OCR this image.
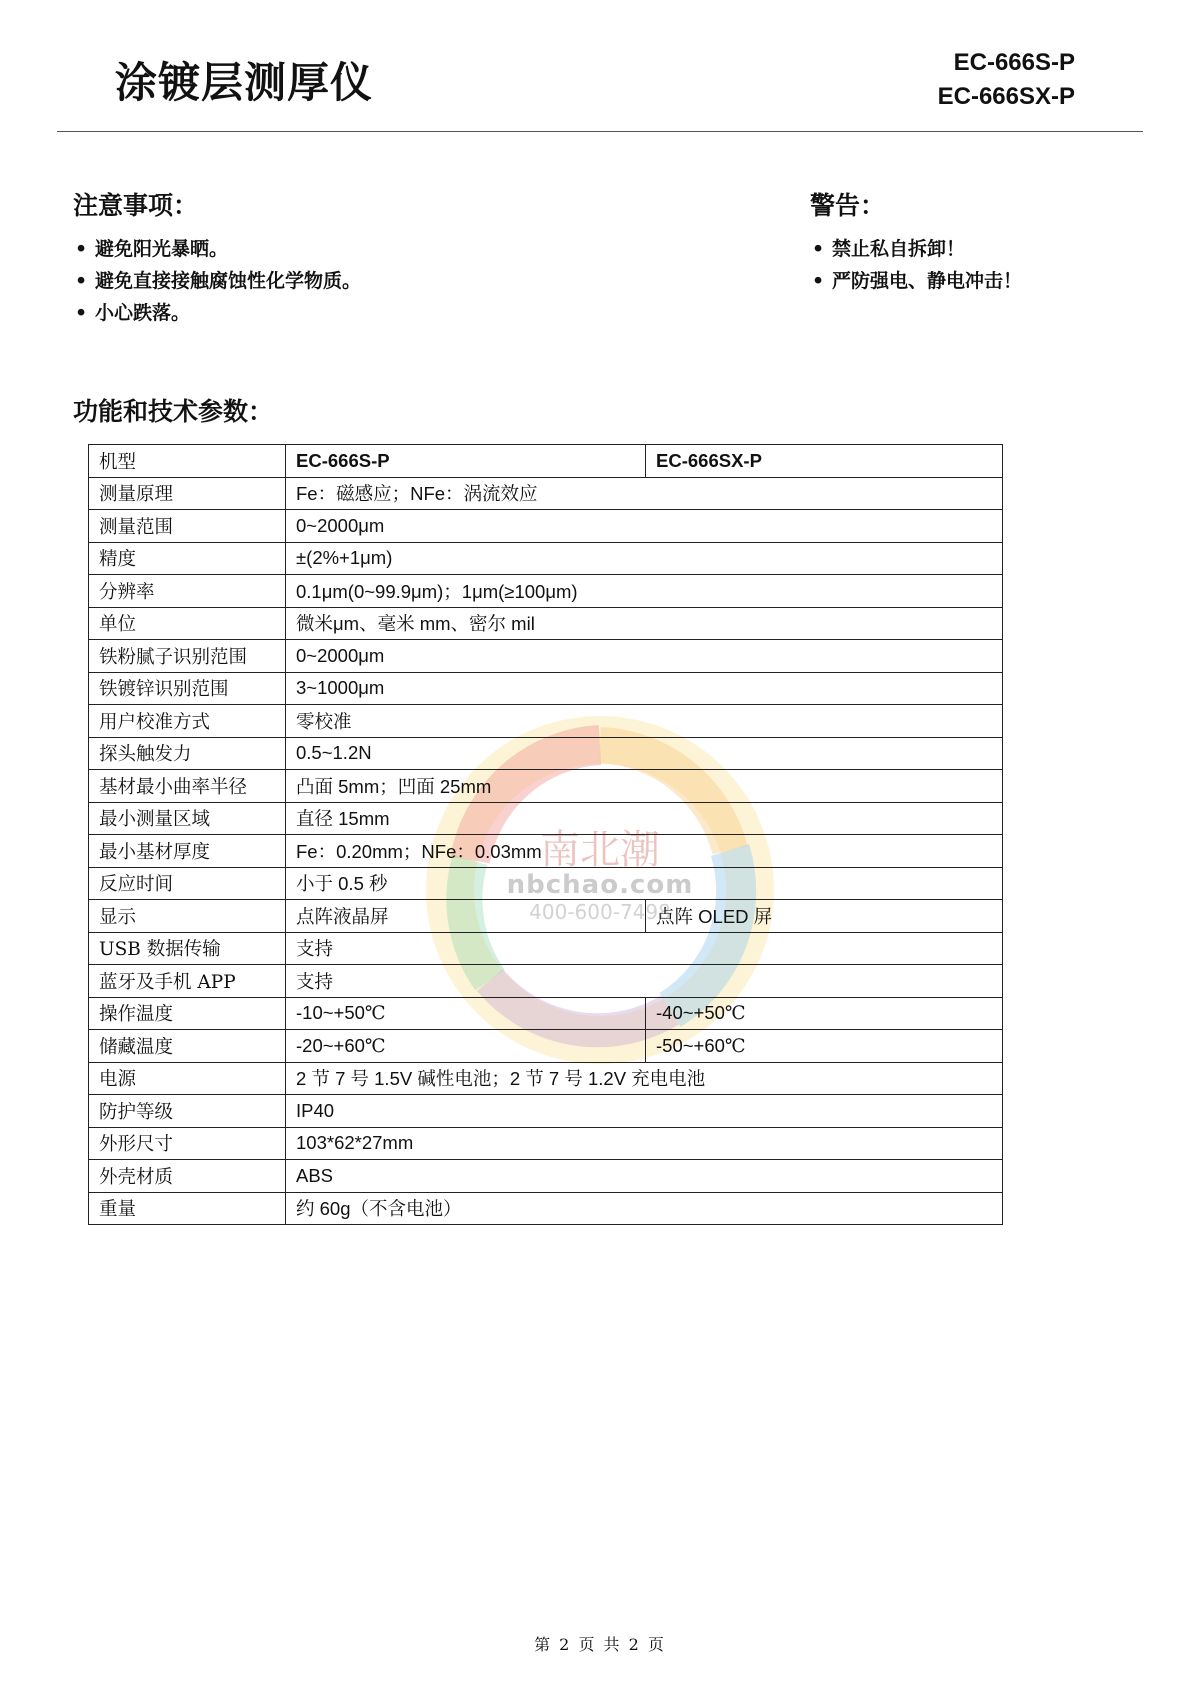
涂镀层测厚仪	EC-666S-P
EC-666SX-P
注意事项：
• 避免阳光暴晒。
• 避免直接接触腐蚀性化学物质。
• 小心跌落。
警告：
• 禁止私自拆卸！
• 严防强电、静电冲击！
功能和技术参数：
南北潮
nbchao.com
400-600-7498
机型	EC-666S-P	EC-666SX-P
测量原理	Fe：磁感应；NFe：涡流效应	
测量范围	0~2000μm	
精度	±(2%+1μm)	
分辨率	0.1μm(0~99.9μm)；1μm(≥100μm)	
单位	微米μm、毫米 mm、密尔 mil	
铁粉腻子识别范围	0~2000μm	
铁镀锌识别范围	3~1000μm	
用户校准方式	零校准	
探头触发力	0.5~1.2N	
基材最小曲率半径	凸面 5mm；凹面 25mm	
最小测量区域	直径 15mm	
最小基材厚度	Fe：0.20mm；NFe：0.03mm	
反应时间	小于 0.5 秒	
显示	点阵液晶屏	点阵 OLED 屏
USB 数据传输	支持	
蓝牙及手机 APP	支持	
操作温度	-10~+50℃	-40~+50℃
储藏温度	-20~+60℃	-50~+60℃
电源	2 节 7 号 1.5V 碱性电池；2 节 7 号 1.2V 充电电池	
防护等级	IP40	
外形尺寸	103*62*27mm	
外壳材质	ABS	
重量	约 60g（不含电池）	
第 2 页 共 2 页
